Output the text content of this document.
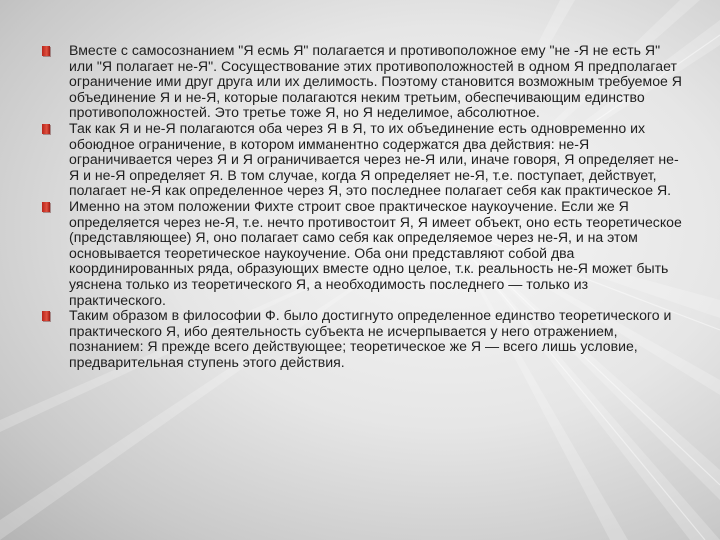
Вместе с самосознанием "Я есмь Я" полагается и противоположное ему "не -Я не есть Я" или "Я полагает не-Я". Сосуществование этих противоположностей в одном Я предполагает ограничение ими друг друга или их делимость. Поэтому становится возможным требуемое Я объединение Я и не-Я, которые полагаются неким третьим, обеспечивающим единство противоположностей. Это третье тоже Я, но Я неделимое, абсолютное.
Так как Я и не-Я полагаются оба через Я в Я, то их объединение есть одновременно их обоюдное ограничение, в котором имманентно содержатся два действия: не-Я ограничивается через Я и Я ограничивается через не-Я или, иначе говоря, Я определяет не-Я и не-Я определяет Я. В том случае, когда Я определяет не-Я, т.е. поступает, действует, полагает не-Я как определенное через Я, это последнее полагает себя как практическое Я.
Именно на этом положении Фихте строит свое практическое наукоучение. Если же Я определяется через не-Я, т.е. нечто противостоит Я, Я имеет объект, оно есть теоретическое (представляющее) Я, оно полагает само себя как определяемое через не-Я, и на этом основывается теоретическое наукоучение. Оба они представляют собой два координированных ряда, образующих вместе одно целое, т.к. реальность не-Я может быть уяснена только из теоретического Я, а необходимость последнего — только из практического.
Таким образом в философии Ф. было достигнуто определенное единство теоретического и практического Я, ибо деятельность субъекта не исчерпывается у него отражением, познанием: Я прежде всего действующее; теоретическое же Я — всего лишь условие, предварительная ступень этого действия.
